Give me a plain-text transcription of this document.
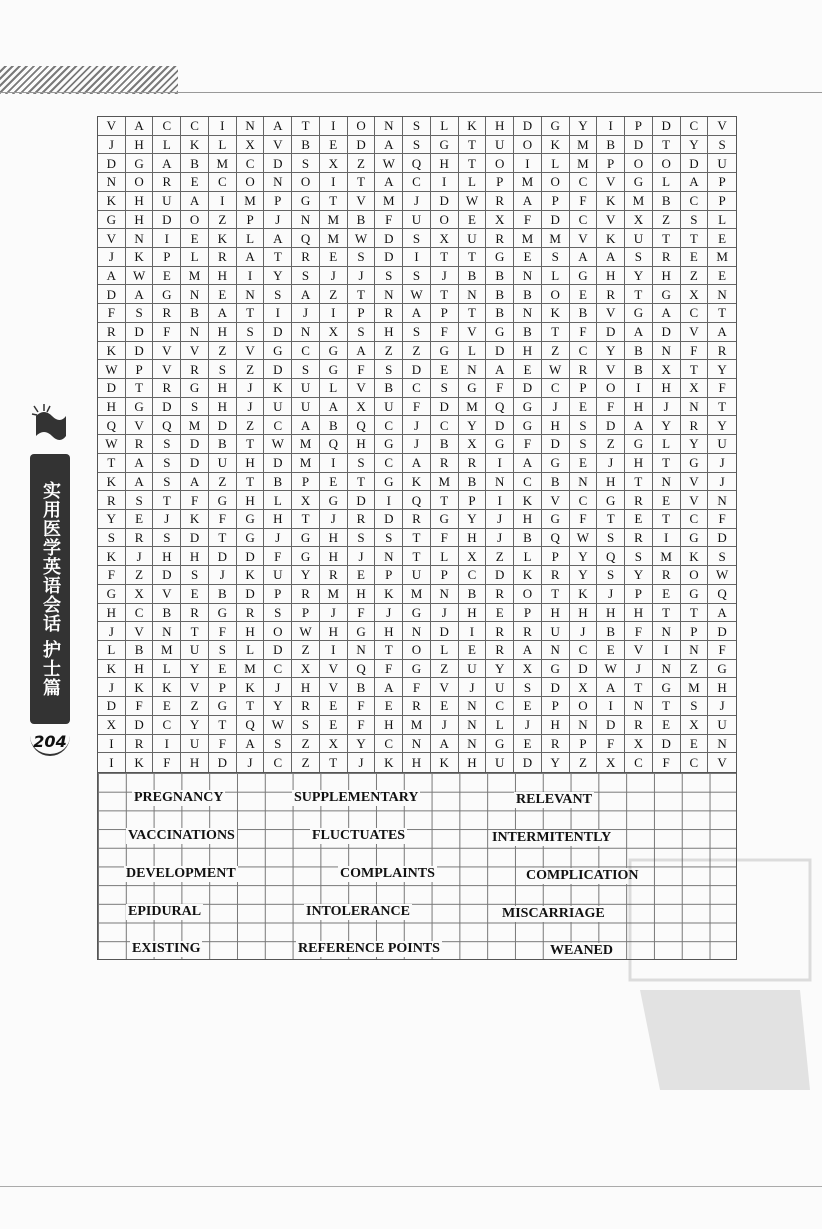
实用医学英语会话 护士篇
204
V	A	C	C	I	N	A	T	I	O	N	S	L	K	H	D	G	Y	I	P	D	C	V
J	H	L	K	L	X	V	B	E	D	A	S	G	T	U	O	K	M	B	D	T	Y	S
D	G	A	B	M	C	D	S	X	Z	W	Q	H	T	O	I	L	M	P	O	O	D	U
N	O	R	E	C	O	N	O	I	T	A	C	I	L	P	M	O	C	V	G	L	A	P
K	H	U	A	I	M	P	G	T	V	M	J	D	W	R	A	P	F	K	M	B	C	P
G	H	D	O	Z	P	J	N	M	B	F	U	O	E	X	F	D	C	V	X	Z	S	L
V	N	I	E	K	L	A	Q	M	W	D	S	X	U	R	M	M	V	K	U	T	T	E
J	K	P	L	R	A	T	R	E	S	D	I	T	T	G	E	S	A	A	S	R	E	M
A	W	E	M	H	I	Y	S	J	J	S	S	J	B	B	N	L	G	H	Y	H	Z	E
D	A	G	N	E	N	S	A	Z	T	N	W	T	N	B	B	O	E	R	T	G	X	N
F	S	R	B	A	T	I	J	I	P	R	A	P	T	B	N	K	B	V	G	A	C	T
R	D	F	N	H	S	D	N	X	S	H	S	F	V	G	B	T	F	D	A	D	V	A
K	D	V	V	Z	V	G	C	G	A	Z	Z	G	L	D	H	Z	C	Y	B	N	F	R
W	P	V	R	S	Z	D	S	G	F	S	D	E	N	A	E	W	R	V	B	X	T	Y
D	T	R	G	H	J	K	U	L	V	B	C	S	G	F	D	C	P	O	I	H	X	F
H	G	D	S	H	J	U	U	A	X	U	F	D	M	Q	G	J	E	F	H	J	N	T
Q	V	Q	M	D	Z	C	A	B	Q	C	J	C	Y	D	G	H	S	D	A	Y	R	Y
W	R	S	D	B	T	W	M	Q	H	G	J	B	X	G	F	D	S	Z	G	L	Y	U
T	A	S	D	U	H	D	M	I	S	C	A	R	R	I	A	G	E	J	H	T	G	J
K	A	S	A	Z	T	B	P	E	T	G	K	M	B	N	C	B	N	H	T	N	V	J
R	S	T	F	G	H	L	X	G	D	I	Q	T	P	I	K	V	C	G	R	E	V	N
Y	E	J	K	F	G	H	T	J	R	D	R	G	Y	J	H	G	F	T	E	T	C	F
S	R	S	D	T	G	J	G	H	S	S	T	F	H	J	B	Q	W	S	R	I	G	D
K	J	H	H	D	D	F	G	H	J	N	T	L	X	Z	L	P	Y	Q	S	M	K	S
F	Z	D	S	J	K	U	Y	R	E	P	U	P	C	D	K	R	Y	S	Y	R	O	W
G	X	V	E	B	D	P	R	M	H	K	M	N	B	R	O	T	K	J	P	E	G	Q
H	C	B	R	G	R	S	P	J	F	J	G	J	H	E	P	H	H	H	H	T	T	A
J	V	N	T	F	H	O	W	H	G	H	N	D	I	R	R	U	J	B	F	N	P	D
L	B	M	U	S	L	D	Z	I	N	T	O	L	E	R	A	N	C	E	V	I	N	F
K	H	L	Y	E	M	C	X	V	Q	F	G	Z	U	Y	X	G	D	W	J	N	Z	G
J	K	K	V	P	K	J	H	V	B	A	F	V	J	U	S	D	X	A	T	G	M	H
D	F	E	Z	G	T	Y	R	E	F	E	R	E	N	C	E	P	O	I	N	T	S	J
X	D	C	Y	T	Q	W	S	E	F	H	M	J	N	L	J	H	N	D	R	E	X	U
I	R	I	U	F	A	S	Z	X	Y	C	N	A	N	G	E	R	P	F	X	D	E	N
I	K	F	H	D	J	C	Z	T	J	K	H	K	H	U	D	Y	Z	X	C	F	C	V
PREGNANCY	SUPPLEMENTARY	RELEVANT
VACCINATIONS	FLUCTUATES	INTERMITENTLY
DEVELOPMENT	COMPLAINTS	COMPLICATION
EPIDURAL	INTOLERANCE	MISCARRIAGE
EXISTING	REFERENCE POINTS	WEANED
